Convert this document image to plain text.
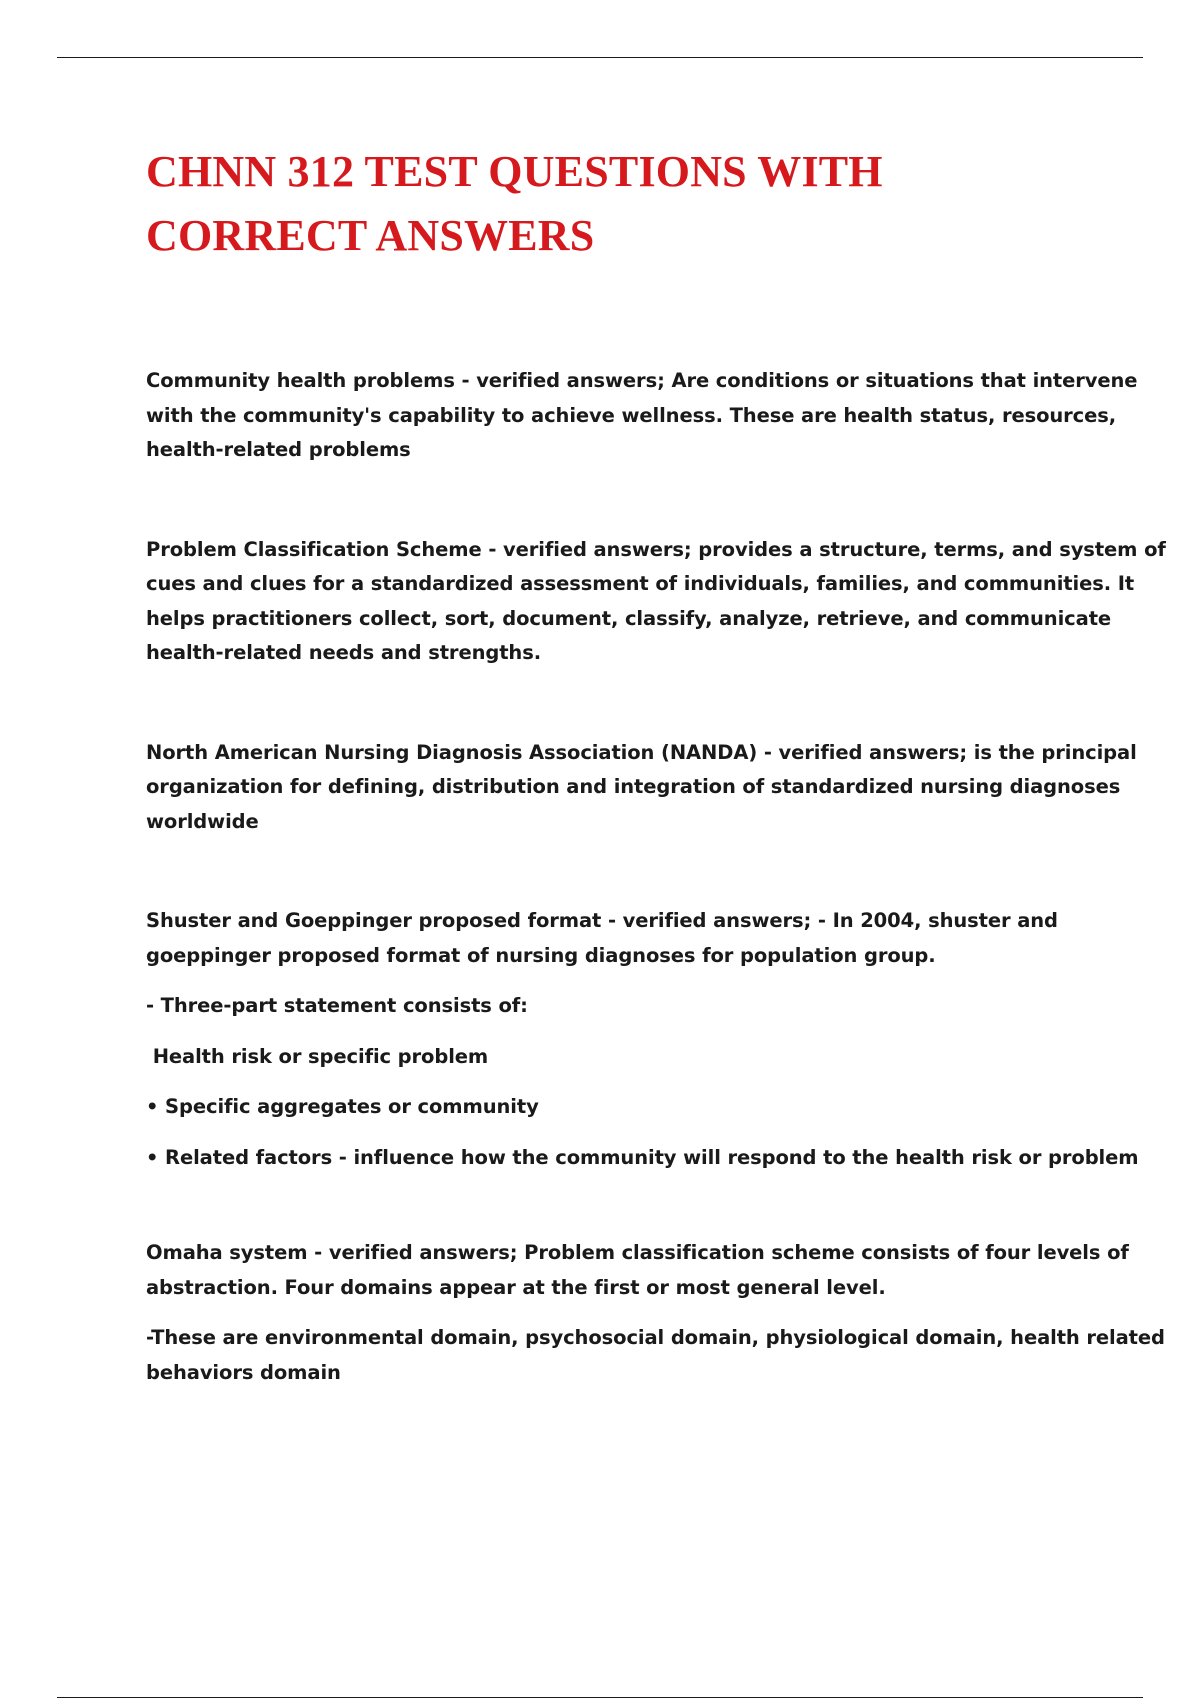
CHNN 312 TEST QUESTIONS WITH
CORRECT ANSWERS
Community health problems - verified answers; Are conditions or situations that intervene
with the community's capability to achieve wellness. These are health status, resources,
health-related problems
Problem Classification Scheme - verified answers; provides a structure, terms, and system of
cues and clues for a standardized assessment of individuals, families, and communities. It
helps practitioners collect, sort, document, classify, analyze, retrieve, and communicate
health-related needs and strengths.
North American Nursing Diagnosis Association (NANDA) - verified answers; is the principal
organization for defining, distribution and integration of standardized nursing diagnoses
worldwide
Shuster and Goeppinger proposed format - verified answers; - In 2004, shuster and
goeppinger proposed format of nursing diagnoses for population group.
- Three-part statement consists of:
Health risk or specific problem
• Specific aggregates or community
• Related factors - influence how the community will respond to the health risk or problem
Omaha system - verified answers; Problem classification scheme consists of four levels of
abstraction. Four domains appear at the first or most general level.
-These are environmental domain, psychosocial domain, physiological domain, health related
behaviors domain
